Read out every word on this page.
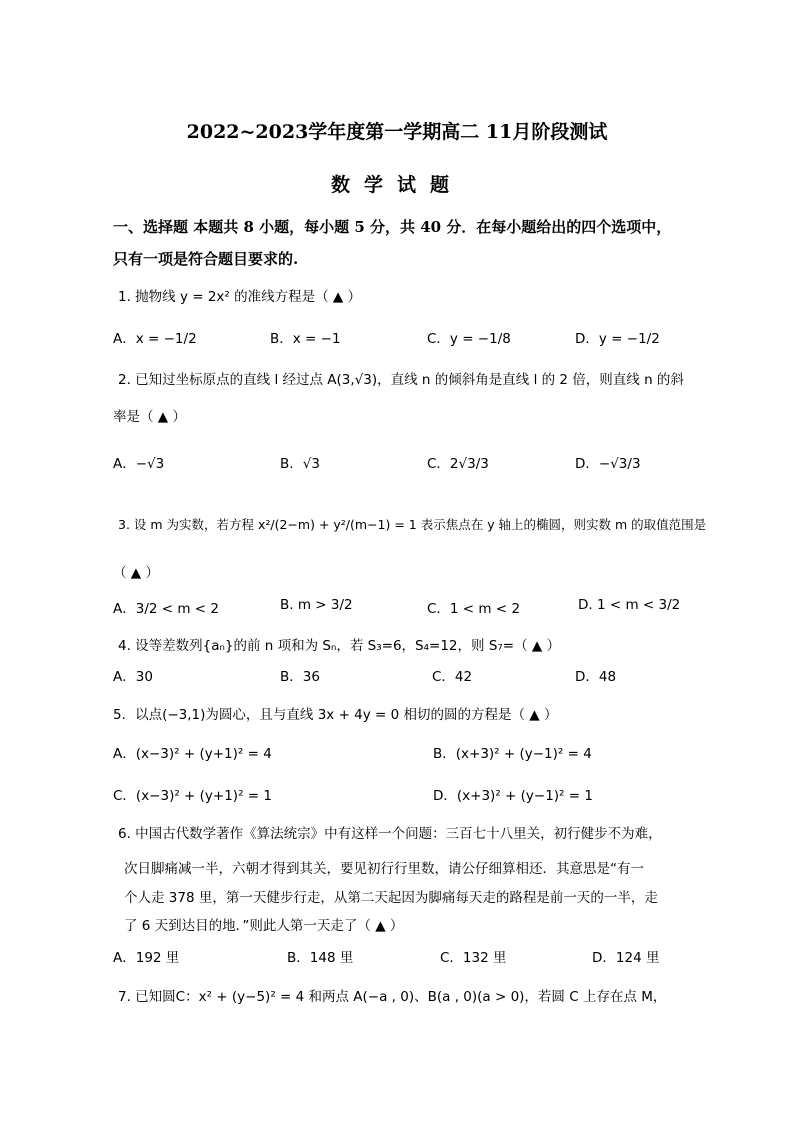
2022~2023学年度第一学期高二 11月阶段测试
数学试题
一、选择题 本题共 8 小题，每小题 5 分，共 40 分．在每小题给出的四个选项中，
只有一项是符合题目要求的.
1. 抛物线 y = 2x² 的准线方程是（ ▲ ）
A．x = −1/2	B．x = −1	C．y = −1/8	D．y = −1/2
2. 已知过坐标原点的直线 l 经过点 A(3,√3)，直线 n 的倾斜角是直线 l 的 2 倍，则直线 n 的斜
率是（ ▲ ）
A．−√3	B．√3	C．2√3/3	D．−√3/3
3. 设 m 为实数，若方程 x²/(2−m) + y²/(m−1) = 1 表示焦点在 y 轴上的椭圆，则实数 m 的取值范围是
（ ▲ ）
A．3/2 < m < 2	B. m > 3/2	C．1 < m < 2	D. 1 < m < 3/2
4. 设等差数列{aₙ}的前 n 项和为 Sₙ，若 S₃=6，S₄=12，则 S₇=（ ▲ ）
A．30	B．36	C．42	D．48
5．以点(−3,1)为圆心，且与直线 3x + 4y = 0 相切的圆的方程是（ ▲ ）
A．(x−3)² + (y+1)² = 4	B．(x+3)² + (y−1)² = 4
C．(x−3)² + (y+1)² = 1	D．(x+3)² + (y−1)² = 1
6. 中国古代数学著作《算法统宗》中有这样一个问题：三百七十八里关，初行健步不为难，
次日脚痛减一半，六朝才得到其关，要见初行行里数，请公仔细算相还．其意思是“有一
个人走 378 里，第一天健步行走，从第二天起因为脚痛每天走的路程是前一天的一半，走
了 6 天到达目的地．”则此人第一天走了（ ▲ ）
A．192 里	B．148 里	C．132 里	D．124 里
7. 已知圆C：x² + (y−5)² = 4 和两点 A(−a , 0)、B(a , 0)(a > 0)，若圆 C 上存在点 M，
